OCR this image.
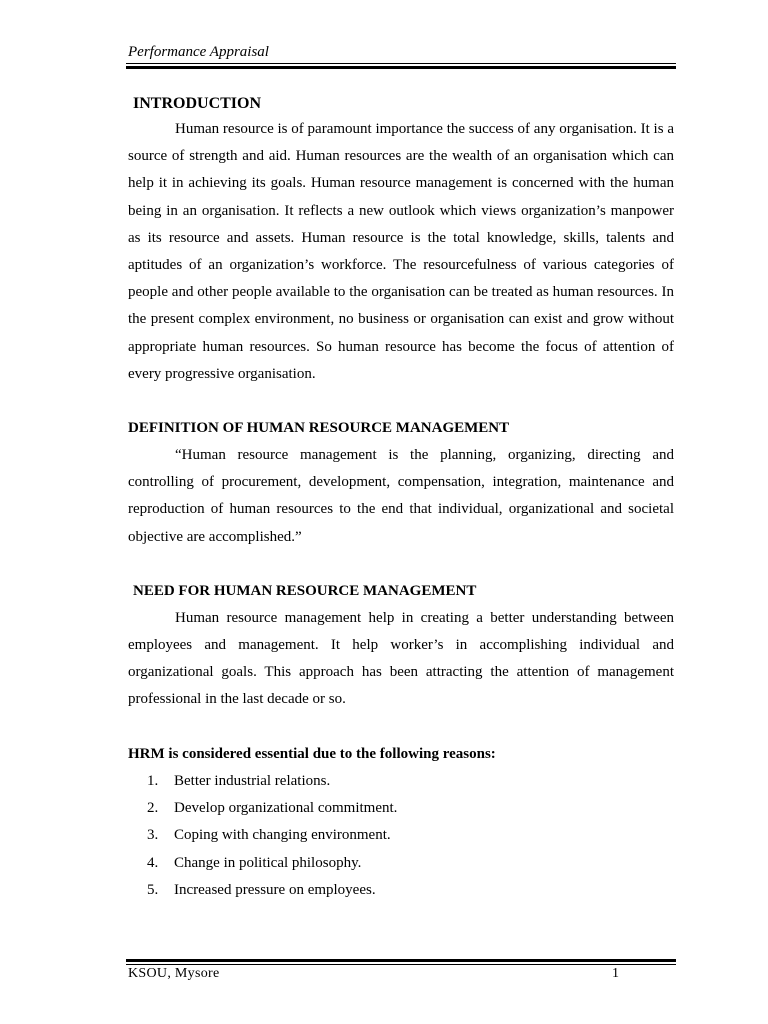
Performance Appraisal
INTRODUCTION

Human resource is of paramount importance the success of any organisation. It is a source of strength and aid. Human resources are the wealth of an organisation which can help it in achieving its goals. Human resource management is concerned with the human being in an organisation. It reflects a new outlook which views organization’s manpower as its resource and assets. Human resource is the total knowledge, skills, talents and aptitudes of an organization’s workforce. The resourcefulness of various categories of people and other people available to the organisation can be treated as human resources. In the present complex environment, no business or organisation can exist and grow without appropriate human resources. So human resource has become the focus of attention of every progressive organisation.

DEFINITION OF HUMAN RESOURCE MANAGEMENT

“Human resource management is the planning, organizing, directing and controlling of procurement, development, compensation, integration, maintenance and reproduction of human resources to the end that individual, organizational and societal objective are accomplished.”

NEED FOR HUMAN RESOURCE MANAGEMENT

Human resource management help in creating a better understanding between employees and management. It help worker’s in accomplishing individual and organizational goals. This approach has been attracting the attention of management professional in the last decade or so.

HRM is considered essential due to the following reasons:
1.	Better industrial relations.
2.	Develop organizational commitment.
3.	Coping with changing environment.
4.	Change in political philosophy.
5.	Increased pressure on employees.
KSOU, Mysore	1
